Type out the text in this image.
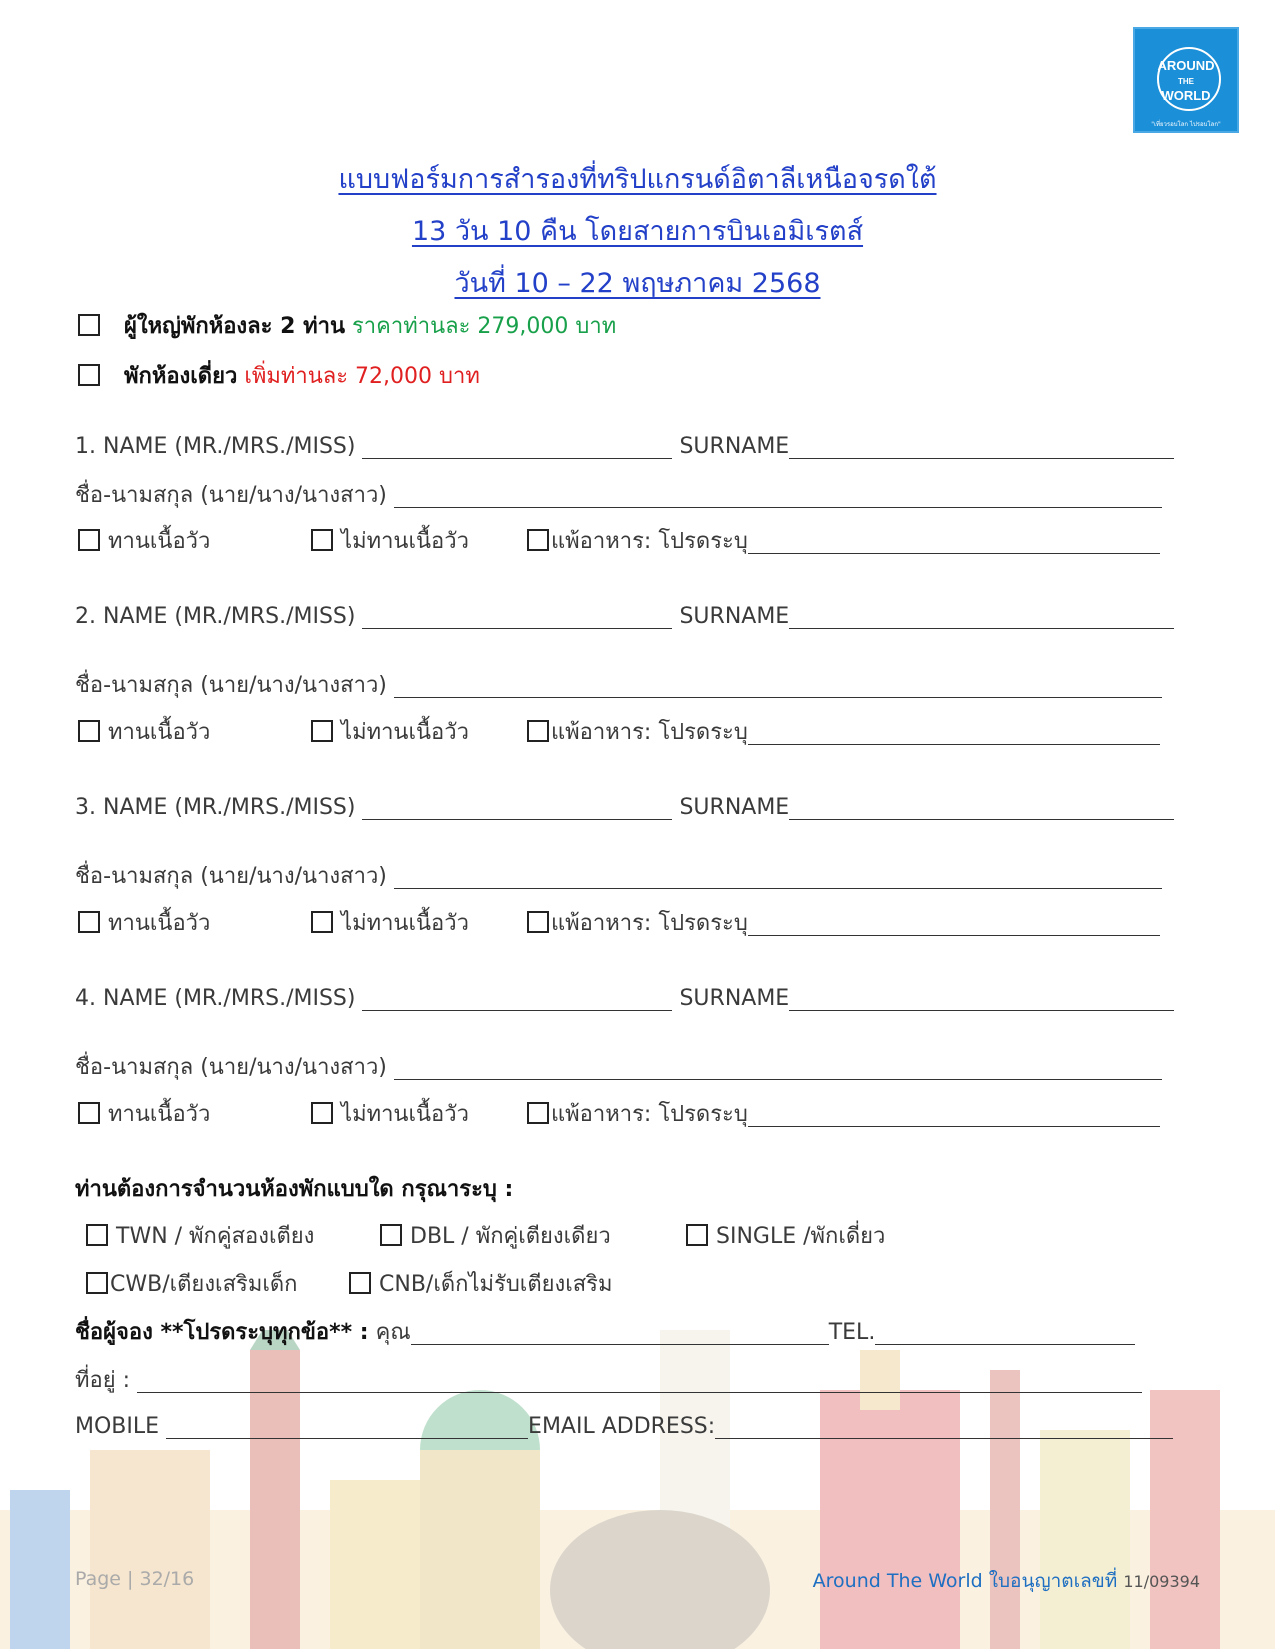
AROUND
THE
WORLD
"เที่ยวรอบโลก ไปรอบโลก"
แบบฟอร์มการสำรองที่ทริปแกรนด์อิตาลีเหนือจรดใต้
13 วัน 10 คืน โดยสายการบินเอมิเรตส์
วันที่ 10 – 22 พฤษภาคม 2568
ผู้ใหญ่พักห้องละ 2 ท่าน ราคาท่านละ 279,000 บาท
พักห้องเดี่ยว เพิ่มท่านละ 72,000 บาท
1. NAME (MR./MRS./MISS)	SURNAME
ชื่อ-นามสกุล (นาย/นาง/นางสาว)
ทานเนื้อวัว	ไม่ทานเนื้อวัว	แพ้อาหาร: โปรดระบุ
2. NAME (MR./MRS./MISS)	SURNAME
ชื่อ-นามสกุล (นาย/นาง/นางสาว)
ทานเนื้อวัว	ไม่ทานเนื้อวัว	แพ้อาหาร: โปรดระบุ
3. NAME (MR./MRS./MISS)	SURNAME
ชื่อ-นามสกุล (นาย/นาง/นางสาว)
ทานเนื้อวัว	ไม่ทานเนื้อวัว	แพ้อาหาร: โปรดระบุ
4. NAME (MR./MRS./MISS)	SURNAME
ชื่อ-นามสกุล (นาย/นาง/นางสาว)
ทานเนื้อวัว	ไม่ทานเนื้อวัว	แพ้อาหาร: โปรดระบุ
ท่านต้องการจำนวนห้องพักแบบใด กรุณาระบุ :
TWN / พักคู่สองเตียง	DBL / พักคู่เตียงเดียว	SINGLE /พักเดี่ยว
CWB/เตียงเสริมเด็ก	CNB/เด็กไม่รับเตียงเสริม
ชื่อผู้จอง **โปรดระบุทุกข้อ** : คุณ	TEL.
ที่อยู่ :
MOBILE	EMAIL ADDRESS:
Page | 32/16	Around The World ใบอนุญาตเลขที่ 11/09394
